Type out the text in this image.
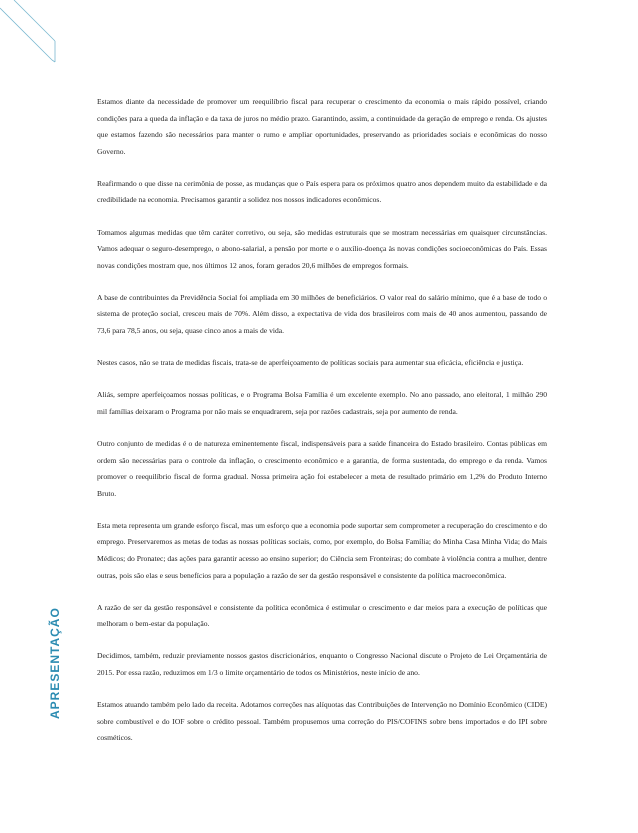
APRESENTAÇÃO

Estamos diante da necessidade de promover um reequilíbrio fiscal para recuperar o crescimento da economia o mais rápido possível, criando condições para a queda da inflação e da taxa de juros no médio prazo. Garantindo, assim, a continuidade da geração de emprego e renda. Os ajustes que estamos fazendo são necessários para manter o rumo e ampliar oportunidades, preservando as prioridades sociais e econômicas do nosso Governo.

Reafirmando o que disse na cerimônia de posse, as mudanças que o País espera para os próximos quatro anos dependem muito da estabilidade e da credibilidade na economia. Precisamos garantir a solidez nos nossos indicadores econômicos.

Tomamos algumas medidas que têm caráter corretivo, ou seja, são medidas estruturais que se mostram necessárias em quaisquer circunstâncias. Vamos adequar o seguro-desemprego, o abono-salarial, a pensão por morte e o auxílio-doença às novas condições socioeconômicas do País. Essas novas condições mostram que, nos últimos 12 anos, foram gerados 20,6 milhões de empregos formais.

A base de contribuintes da Previdência Social foi ampliada em 30 milhões de beneficiários. O valor real do salário mínimo, que é a base de todo o sistema de proteção social, cresceu mais de 70%. Além disso, a expectativa de vida dos brasileiros com mais de 40 anos aumentou, passando de 73,6 para 78,5 anos, ou seja, quase cinco anos a mais de vida.

Nestes casos, não se trata de medidas fiscais, trata-se de aperfeiçoamento de políticas sociais para aumentar sua eficácia, eficiência e justiça.

Aliás, sempre aperfeiçoamos nossas políticas, e o Programa Bolsa Família é um excelente exemplo. No ano passado, ano eleitoral, 1 milhão 290 mil famílias deixaram o Programa por não mais se enquadrarem, seja por razões cadastrais, seja por aumento de renda.

Outro conjunto de medidas é o de natureza eminentemente fiscal, indispensáveis para a saúde financeira do Estado brasileiro. Contas públicas em ordem são necessárias para o controle da inflação, o crescimento econômico e a garantia, de forma sustentada, do emprego e da renda. Vamos promover o reequilíbrio fiscal de forma gradual. Nossa primeira ação foi estabelecer a meta de resultado primário em 1,2% do Produto Interno Bruto.

Esta meta representa um grande esforço fiscal, mas um esforço que a economia pode suportar sem comprometer a recuperação do crescimento e do emprego. Preservaremos as metas de todas as nossas políticas sociais, como, por exemplo, do Bolsa Família; do Minha Casa Minha Vida; do Mais Médicos; do Pronatec; das ações para garantir acesso ao ensino superior; do Ciência sem Fronteiras; do combate à violência contra a mulher, dentre outras, pois são elas e seus benefícios para a população a razão de ser da gestão responsável e consistente da política macroeconômica.

A razão de ser da gestão responsável e consistente da política econômica é estimular o crescimento e dar meios para a execução de políticas que melhoram o bem-estar da população.

Decidimos, também, reduzir previamente nossos gastos discricionários, enquanto o Congresso Nacional discute o Projeto de Lei Orçamentária de 2015. Por essa razão, reduzimos em 1/3 o limite orçamentário de todos os Ministérios, neste início de ano.

Estamos atuando também pelo lado da receita. Adotamos correções nas alíquotas das Contribuições de Intervenção no Domínio Econômico (CIDE) sobre combustível e do IOF sobre o crédito pessoal. Também propusemos uma correção do PIS/COFINS sobre bens importados e do IPI sobre cosméticos.
